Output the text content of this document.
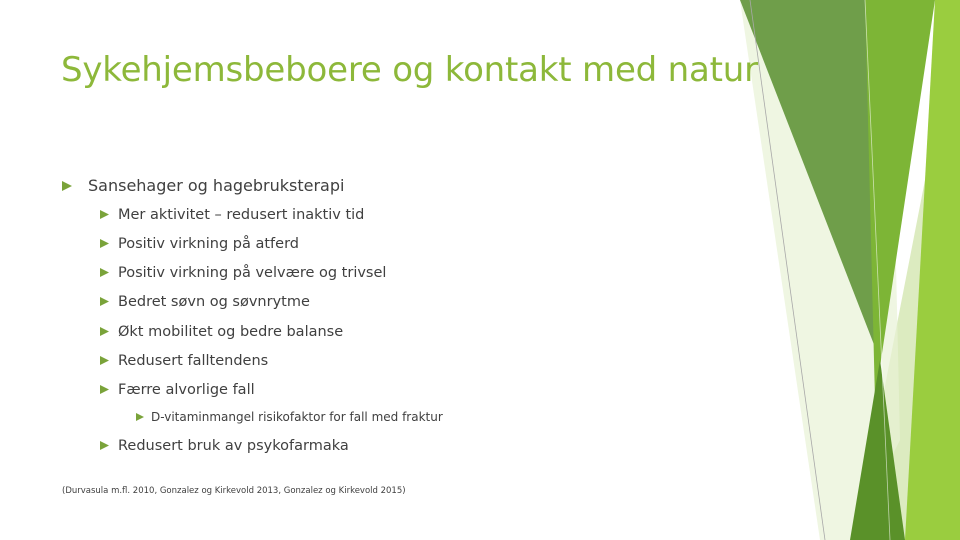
Sykehjemsbeboere og kontakt med natur
Sansehager og hagebruksterapi
Mer aktivitet – redusert inaktiv tid
Positiv virkning på atferd
Positiv virkning på velvære og trivsel
Bedret søvn og søvnrytme
Økt mobilitet og bedre balanse
Redusert falltendens
Færre alvorlige fall
D-vitaminmangel risikofaktor for fall med fraktur
Redusert bruk av psykofarmaka
(Durvasula m.fl. 2010, Gonzalez og Kirkevold 2013, Gonzalez og Kirkevold 2015)
